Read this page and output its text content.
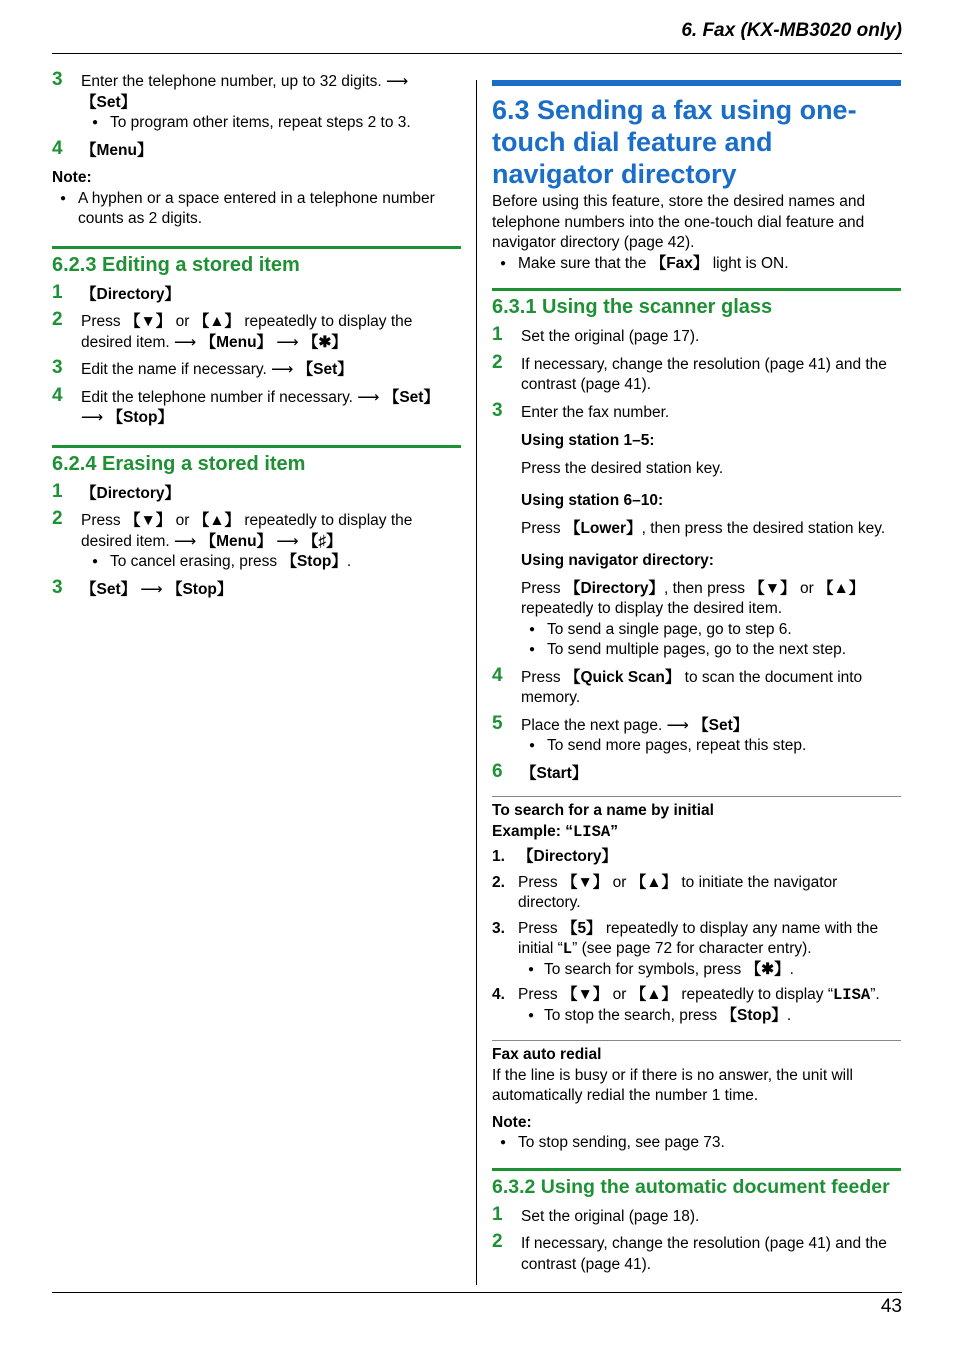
6. Fax (KX-MB3020 only)
3 Enter the telephone number, up to 32 digits. ⟶
【Set】
● To program other items, repeat steps 2 to 3.
4 【Menu】
Note:
● A hyphen or a space entered in a telephone number counts as 2 digits.
6.2.3 Editing a stored item
1 【Directory】
2 Press 【▼】 or 【▲】 repeatedly to display the desired item. ⟶ 【Menu】 ⟶ 【✱】
3 Edit the name if necessary. ⟶ 【Set】
4 Edit the telephone number if necessary. ⟶ 【Set】
⟶ 【Stop】
6.2.4 Erasing a stored item
1 【Directory】
2 Press 【▼】 or 【▲】 repeatedly to display the desired item. ⟶ 【Menu】 ⟶ 【♯】
● To cancel erasing, press 【Stop】.
3 【Set】 ⟶ 【Stop】
6.3 Sending a fax using one-touch dial feature and navigator directory
Before using this feature, store the desired names and telephone numbers into the one-touch dial feature and navigator directory (page 42).
● Make sure that the 【Fax】 light is ON.
6.3.1 Using the scanner glass
1 Set the original (page 17).
2 If necessary, change the resolution (page 41) and the contrast (page 41).
3 Enter the fax number.
Using station 1–5:
Press the desired station key.
Using station 6–10:
Press 【Lower】, then press the desired station key.
Using navigator directory:
Press 【Directory】, then press 【▼】 or 【▲】 repeatedly to display the desired item.
● To send a single page, go to step 6.
● To send multiple pages, go to the next step.
4 Press 【Quick Scan】 to scan the document into memory.
5 Place the next page. ⟶ 【Set】
● To send more pages, repeat this step.
6 【Start】
To search for a name by initial
Example: “LISA”
1. 【Directory】
2. Press 【▼】 or 【▲】 to initiate the navigator directory.
3. Press 【5】 repeatedly to display any name with the initial “L” (see page 72 for character entry).
● To search for symbols, press 【✱】.
4. Press 【▼】 or 【▲】 repeatedly to display “LISA”.
● To stop the search, press 【Stop】.
Fax auto redial
If the line is busy or if there is no answer, the unit will automatically redial the number 1 time.
Note:
● To stop sending, see page 73.
6.3.2 Using the automatic document feeder
1 Set the original (page 18).
2 If necessary, change the resolution (page 41) and the contrast (page 41).
43
